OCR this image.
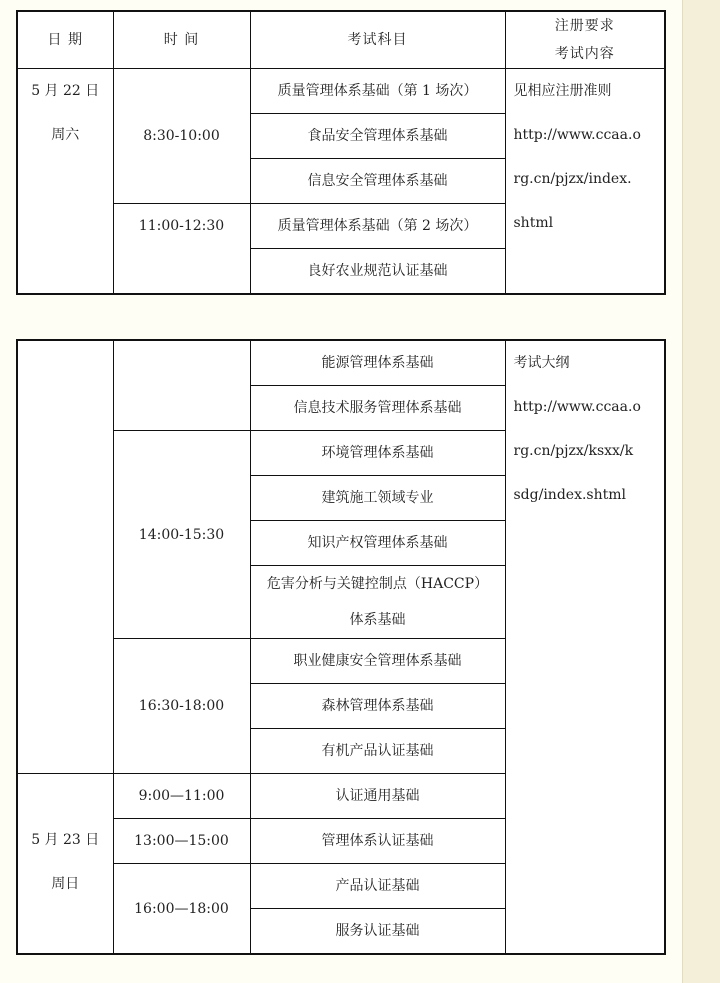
日 期	时 间	考试科目	注册要求
考试内容

5 月 22 日
周六	8:30-10:00	质量管理体系基础（第 1 场次）	见相应注册准则
http://www.ccaa.o
rg.cn/pjzx/index.
shtml

		食品安全管理体系基础	
		信息安全管理体系基础	
	11:00-12:30	质量管理体系基础（第 2 场次）	
		良好农业规范认证基础	
		能源管理体系基础	考试大纲
http://www.ccaa.o
rg.cn/pjzx/ksxx/k
sdg/index.shtml

		信息技术服务管理体系基础	
	14:00-15:30	环境管理体系基础	
		建筑施工领域专业	
		知识产权管理体系基础	

		危害分析与关键控制点（HACCP）
体系基础	

	16:30-18:00	职业健康安全管理体系基础	
		森林管理体系基础	
		有机产品认证基础	

5 月 23 日
周日	9:00—11:00	认证通用基础	
	13:00—15:00	管理体系认证基础	
	16:00—18:00	产品认证基础	
		服务认证基础	
